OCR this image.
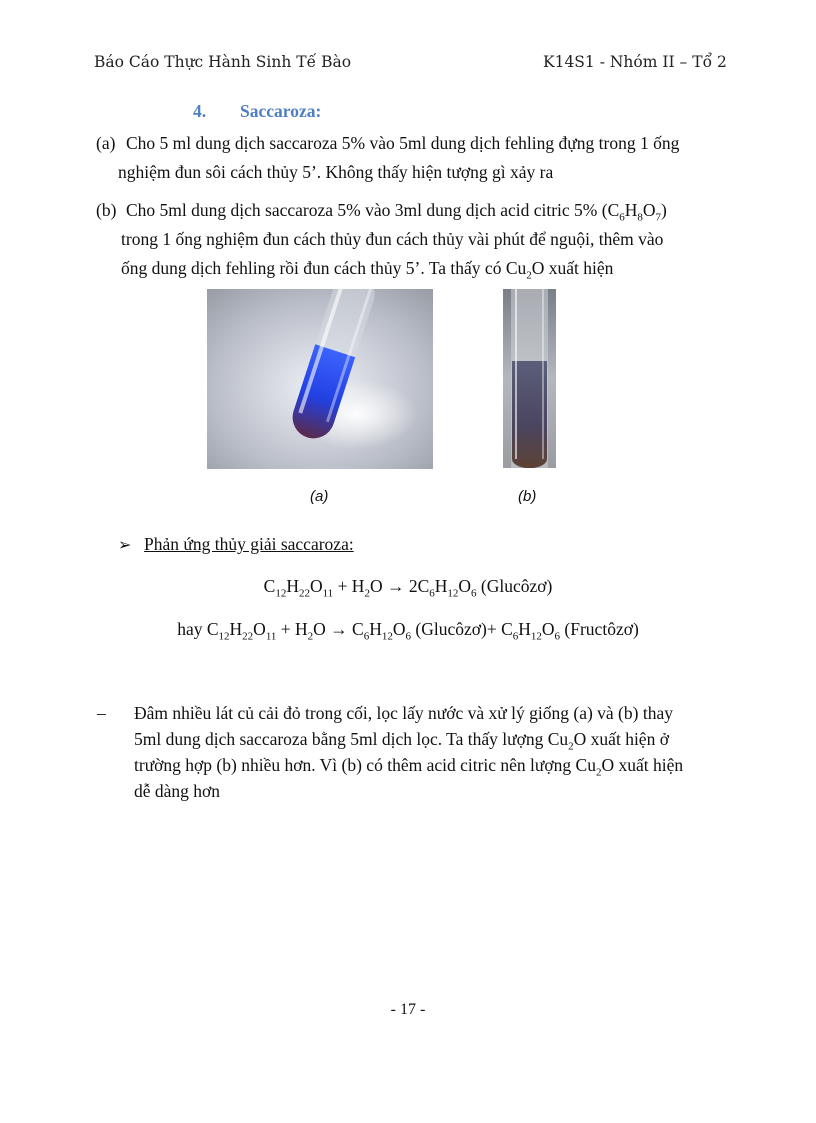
Báo Cáo Thực Hành Sinh Tế Bào	K14S1 - Nhóm II – Tổ 2
4. Saccaroza:
(a) Cho 5 ml dung dịch saccaroza 5% vào 5ml dung dịch fehling đựng trong 1 ống
nghiệm đun sôi cách thủy 5’. Không thấy hiện tượng gì xảy ra
(b) Cho 5ml dung dịch saccaroza 5% vào 3ml dung dịch acid citric 5% $(C_6H_8O_7)$
trong 1 ống nghiệm đun cách thủy đun cách thủy vài phút để nguội, thêm vào
ống dung dịch fehling rồi đun cách thủy 5’. Ta thấy có $Cu_2O$ xuất hiện
(a)	(b)
➢ Phản ứng thủy giải saccaroza:
$C_{12}H_{22}O_{11} + H_2O \to 2C_6H_{12}O_6$ (Glucôzơ)
hay $C_{12}H_{22}O_{11} + H_2O \to C_6H_{12}O_6$ (Glucôzơ)+ $C_6H_{12}O_6$ (Fructôzơ)
– Đâm nhiều lát củ cải đỏ trong cối, lọc lấy nước và xử lý giống (a) và (b) thay
5ml dung dịch saccaroza bằng 5ml dịch lọc. Ta thấy lượng $Cu_2O$ xuất hiện ở
trường hợp (b) nhiều hơn. Vì (b) có thêm acid citric nên lượng $Cu_2O$ xuất hiện
dễ dàng hơn
- 17 -
